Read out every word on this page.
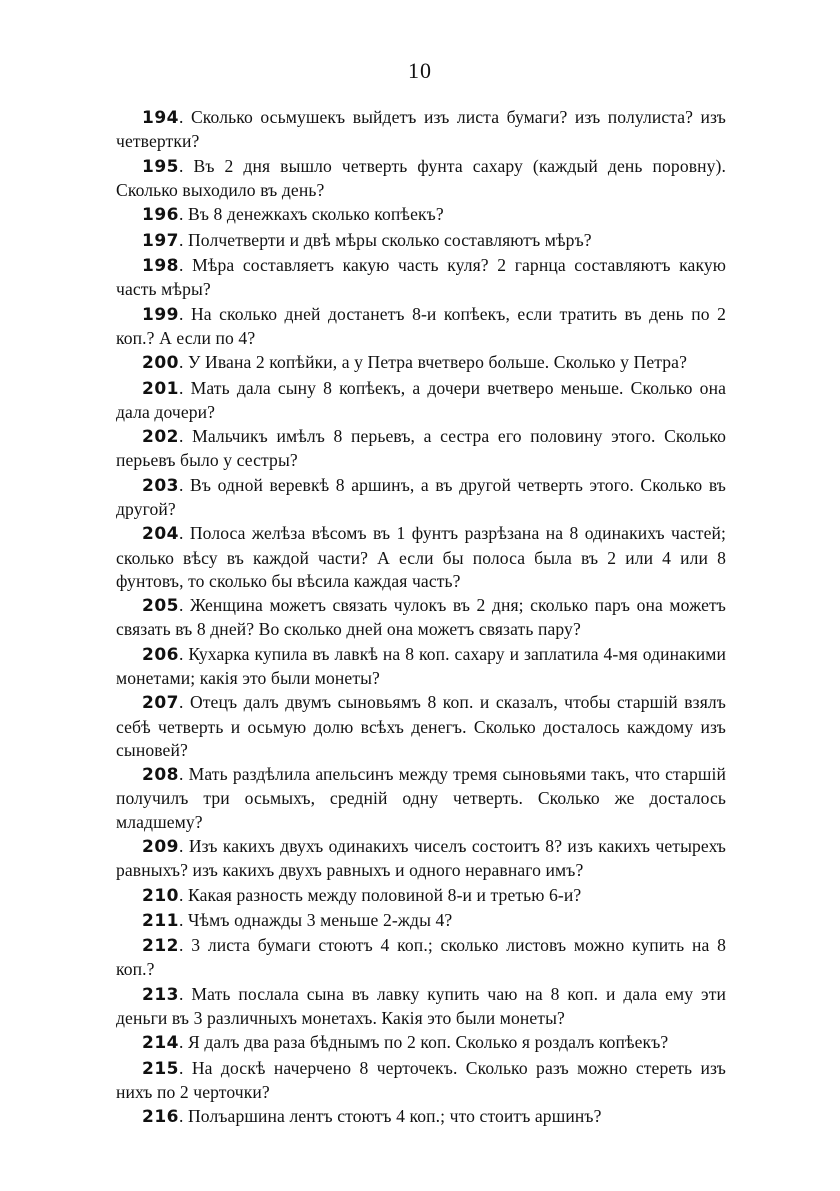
10

194. Сколько осьмушекъ выйдетъ изъ листа бумаги? изъ полулиста? изъ четвертки?

195. Въ 2 дня вышло четверть фунта сахару (каждый день поровну). Сколько выходило въ день?

196. Въ 8 денежкахъ сколько копѣекъ?

197. Полчетверти и двѣ мѣры сколько составляютъ мѣръ?

198. Мѣра составляетъ какую часть куля? 2 гарнца составляютъ какую часть мѣры?

199. На сколько дней достанетъ 8-и копѣекъ, если тратить въ день по 2 коп.? А если по 4?

200. У Ивана 2 копѣйки, а у Петра вчетверо больше. Сколько у Петра?

201. Мать дала сыну 8 копѣекъ, а дочери вчетверо меньше. Сколько она дала дочери?

202. Мальчикъ имѣлъ 8 перьевъ, а сестра его половину этого. Сколько перьевъ было у сестры?

203. Въ одной веревкѣ 8 аршинъ, а въ другой четверть этого. Сколько въ другой?

204. Полоса желѣза вѣсомъ въ 1 фунтъ разрѣзана на 8 одинакихъ частей; сколько вѣсу въ каждой части? А если бы полоса была въ 2 или 4 или 8 фунтовъ, то сколько бы вѣсила каждая часть?

205. Женщина можетъ связать чулокъ въ 2 дня; сколько паръ она можетъ связать въ 8 дней? Во сколько дней она можетъ связать пару?

206. Кухарка купила въ лавкѣ на 8 коп. сахару и заплатила 4-мя одинакими монетами; какія это были монеты?

207. Отецъ далъ двумъ сыновьямъ 8 коп. и сказалъ, чтобы старшій взялъ себѣ четверть и осьмую долю всѣхъ денегъ. Сколько досталось каждому изъ сыновей?

208. Мать раздѣлила апельсинъ между тремя сыновьями такъ, что старшій получилъ три осьмыхъ, средній одну четверть. Сколько же досталось младшему?

209. Изъ какихъ двухъ одинакихъ чиселъ состоитъ 8? изъ какихъ четырехъ равныхъ? изъ какихъ двухъ равныхъ и одного неравнаго имъ?

210. Какая разность между половиной 8-и и третью 6-и?

211. Чѣмъ однажды 3 меньше 2-жды 4?

212. 3 листа бумаги стоютъ 4 коп.; сколько листовъ можно купить на 8 коп.?

213. Мать послала сына въ лавку купить чаю на 8 коп. и дала ему эти деньги въ 3 различныхъ монетахъ. Какія это были монеты?

214. Я далъ два раза бѣднымъ по 2 коп. Сколько я роздалъ копѣекъ?

215. На доскѣ начерчено 8 черточекъ. Сколько разъ можно стереть изъ нихъ по 2 черточки?

216. Полъаршина лентъ стоютъ 4 коп.; что стоитъ аршинъ?
